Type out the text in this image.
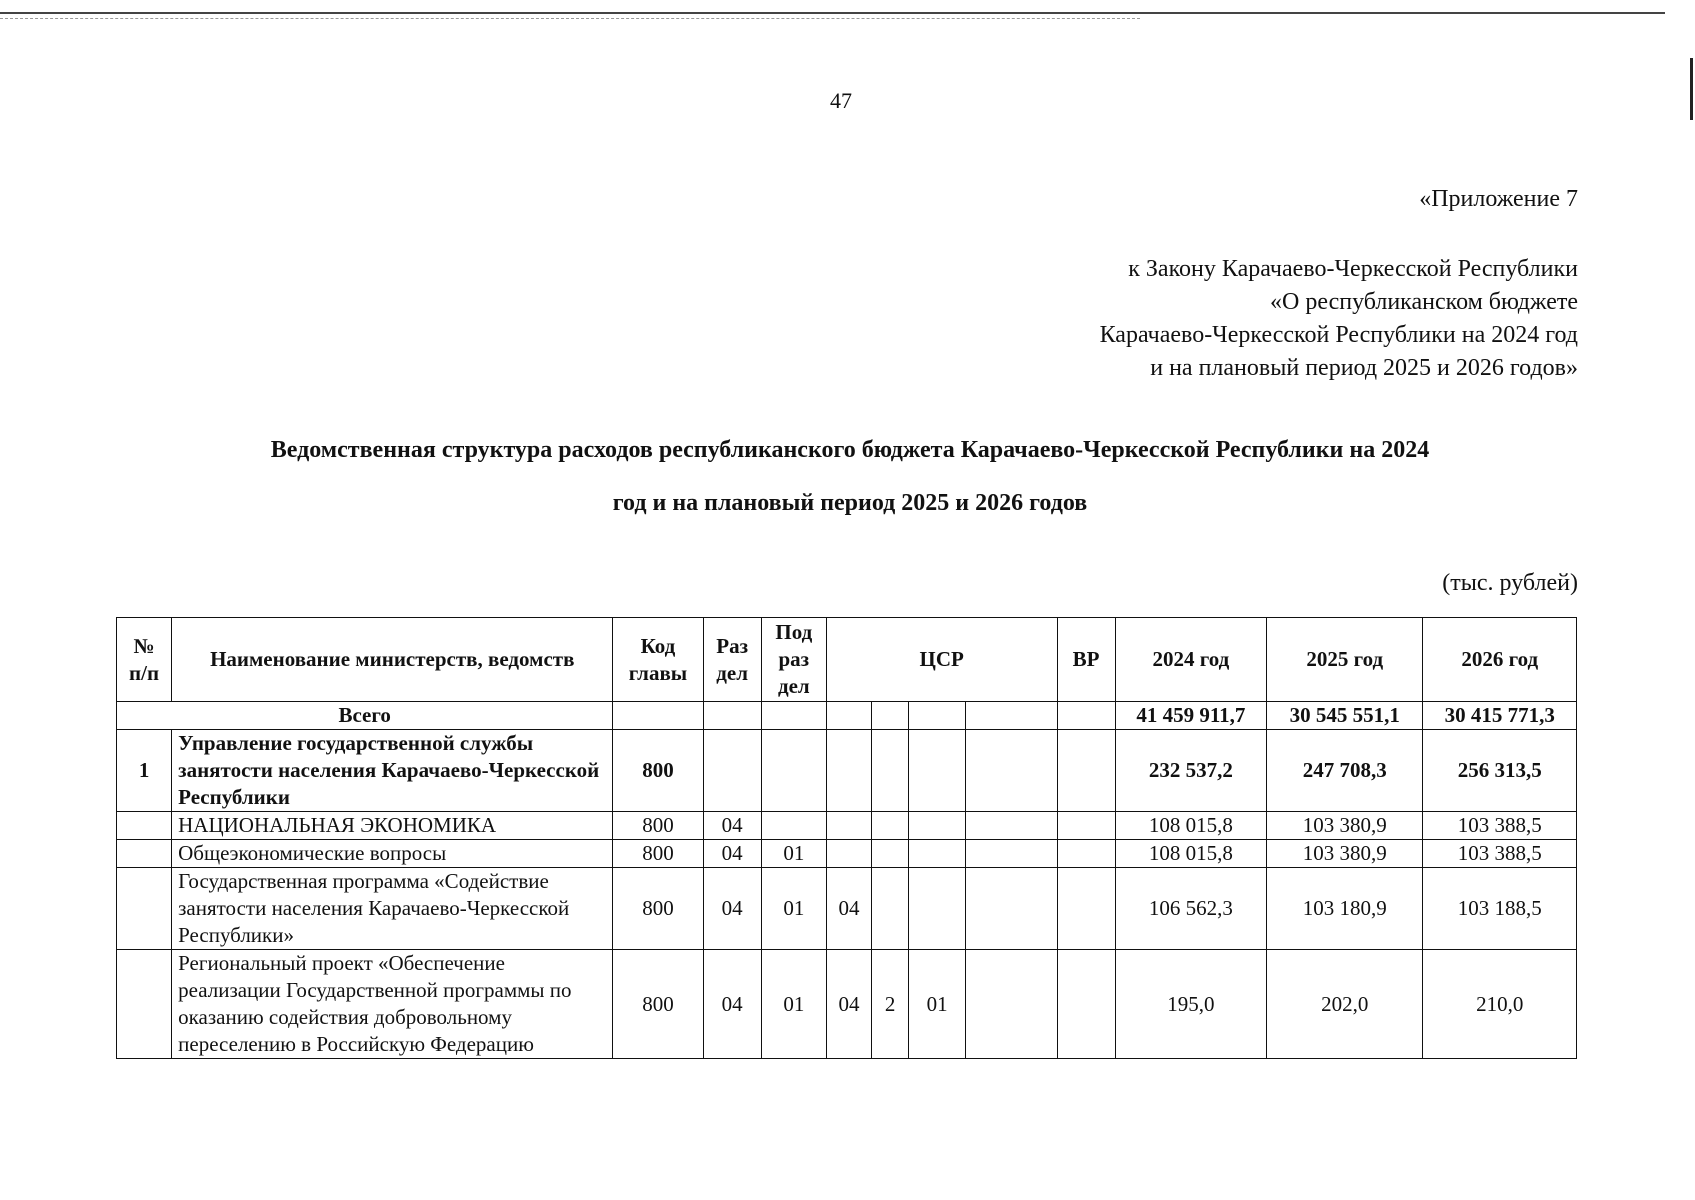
47
«Приложение 7
к Закону Карачаево-Черкесской Республики
«О республиканском бюджете
Карачаево-Черкесской Республики на 2024 год
и на плановый период 2025 и 2026 годов»
Ведомственная структура расходов республиканского бюджета Карачаево-Черкесской Республики на 2024
год и на плановый период 2025 и 2026 годов
(тыс. рублей)
№ п/п	Наименование министерств, ведомств	Код главы	Раз дел	Под раз дел	ЦСР				ВР	2024 год	2025 год	2026 год
Всего										41 459 911,7	30 545 551,1	30 415 771,3
1	Управление государственной службы занятости населения Карачаево-Черкесской Республики	800								232 537,2	247 708,3	256 313,5
	НАЦИОНАЛЬНАЯ ЭКОНОМИКА	800	04							108 015,8	103 380,9	103 388,5
	Общеэкономические вопросы	800	04	01						108 015,8	103 380,9	103 388,5
	Государственная программа «Содействие занятости населения Карачаево-Черкесской Республики»	800	04	01	04					106 562,3	103 180,9	103 188,5
	Региональный проект «Обеспечение реализации Государственной программы по оказанию содействия добровольному переселению в Российскую Федерацию	800	04	01	04	2	01			195,0	202,0	210,0
